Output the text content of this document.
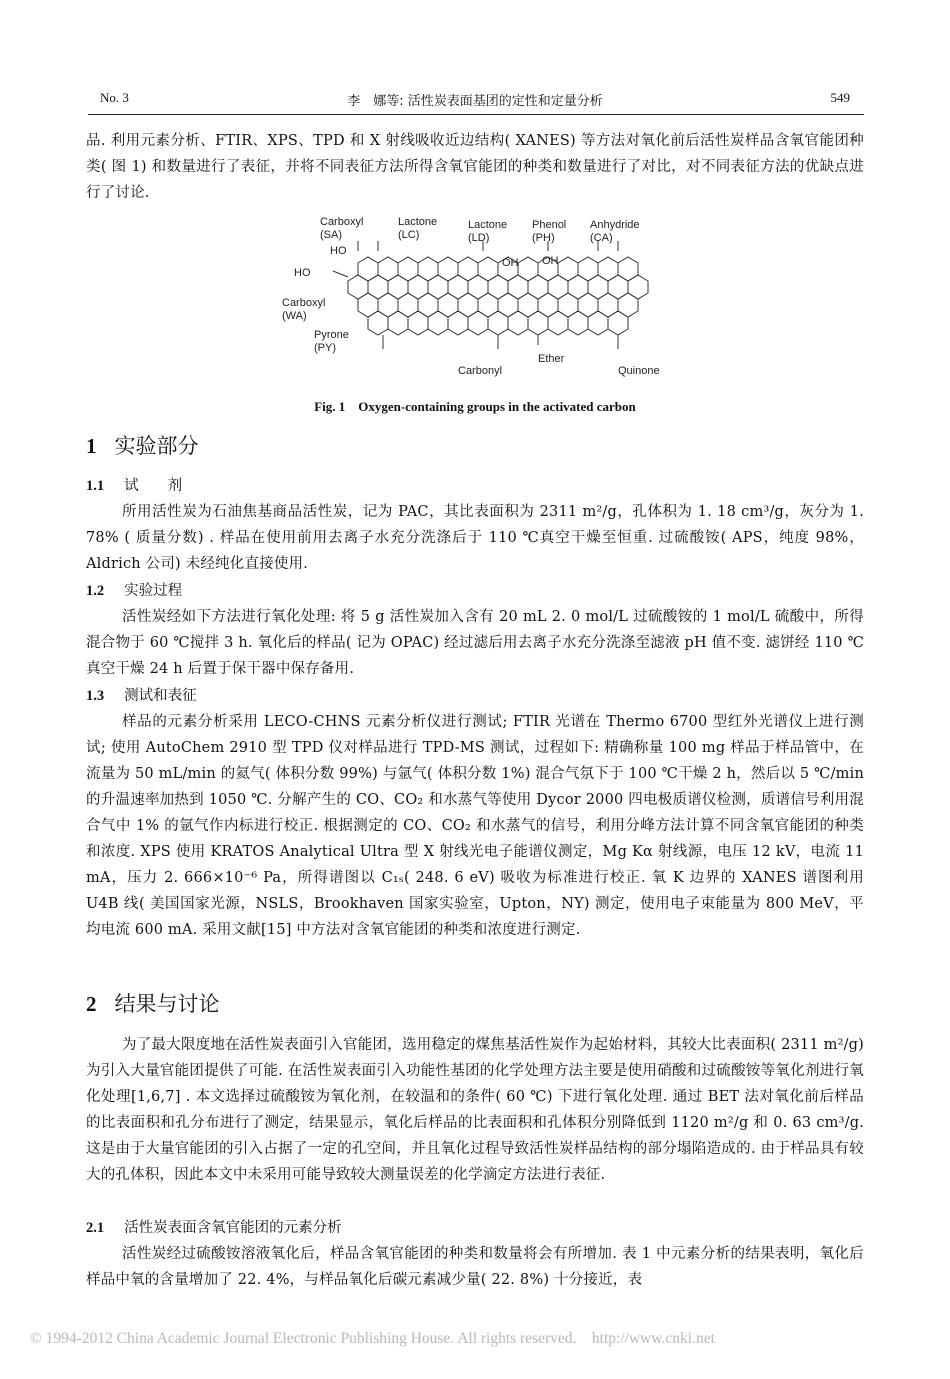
No. 3	李　娜等: 活性炭表面基团的定性和定量分析	549
品. 利用元素分析、FTIR、XPS、TPD 和 X 射线吸收近边结构( XANES) 等方法对氧化前后活性炭样品含氧官能团种类( 图 1) 和数量进行了表征，并将不同表征方法所得含氧官能团的种类和数量进行了对比，对不同表征方法的优缺点进行了讨论.
Carboxyl
(SA)
Lactone
(LC)
Lactone
(LD)
Phenol
(PH)
Anhydride
(CA)
Carboxyl
(WA)
Pyrone
(PY)
Carbonyl
Ether
Quinone
HO
HO
OH OH
Fig. 1　Oxygen-containing groups in the activated carbon
1 实验部分
1.1 试　　剂
所用活性炭为石油焦基商品活性炭，记为 PAC，其比表面积为 2311 m²/g，孔体积为 1. 18 cm³/g，灰分为 1. 78% ( 质量分数) . 样品在使用前用去离子水充分洗涤后于 110 ℃真空干燥至恒重. 过硫酸铵( APS，纯度 98%，Aldrich 公司) 未经纯化直接使用.
1.2 实验过程
活性炭经如下方法进行氧化处理: 将 5 g 活性炭加入含有 20 mL 2. 0 mol/L 过硫酸铵的 1 mol/L 硫酸中，所得混合物于 60 ℃搅拌 3 h. 氧化后的样品( 记为 OPAC) 经过滤后用去离子水充分洗涤至滤液 pH 值不变. 滤饼经 110 ℃真空干燥 24 h 后置于保干器中保存备用.
1.3 测试和表征
样品的元素分析采用 LECO-CHNS 元素分析仪进行测试; FTIR 光谱在 Thermo 6700 型红外光谱仪上进行测试; 使用 AutoChem 2910 型 TPD 仪对样品进行 TPD-MS 测试，过程如下: 精确称量 100 mg 样品于样品管中，在流量为 50 mL/min 的氦气( 体积分数 99%) 与氩气( 体积分数 1%) 混合气氛下于 100 ℃干燥 2 h，然后以 5 ℃/min 的升温速率加热到 1050 ℃. 分解产生的 CO、CO₂ 和水蒸气等使用 Dycor 2000 四电极质谱仪检测，质谱信号利用混合气中 1% 的氩气作内标进行校正. 根据测定的 CO、CO₂ 和水蒸气的信号，利用分峰方法计算不同含氧官能团的种类和浓度. XPS 使用 KRATOS Analytical Ultra 型 X 射线光电子能谱仪测定，Mg Kα 射线源，电压 12 kV，电流 11 mA，压力 2. 666×10⁻⁶ Pa，所得谱图以 C₁ₛ( 248. 6 eV) 吸收为标准进行校正. 氧 K 边界的 XANES 谱图利用 U4B 线( 美国国家光源，NSLS，Brookhaven 国家实验室，Upton，NY) 测定，使用电子束能量为 800 MeV，平均电流 600 mA. 采用文献[15] 中方法对含氧官能团的种类和浓度进行测定.
2 结果与讨论
为了最大限度地在活性炭表面引入官能团，选用稳定的煤焦基活性炭作为起始材料，其较大比表面积( 2311 m²/g) 为引入大量官能团提供了可能. 在活性炭表面引入功能性基团的化学处理方法主要是使用硝酸和过硫酸铵等氧化剂进行氧化处理[1,6,7] . 本文选择过硫酸铵为氧化剂，在较温和的条件( 60 ℃) 下进行氧化处理. 通过 BET 法对氧化前后样品的比表面积和孔分布进行了测定，结果显示，氧化后样品的比表面积和孔体积分别降低到 1120 m²/g 和 0. 63 cm³/g. 这是由于大量官能团的引入占据了一定的孔空间，并且氧化过程导致活性炭样品结构的部分塌陷造成的. 由于样品具有较大的孔体积，因此本文中未采用可能导致较大测量误差的化学滴定方法进行表征.
2.1 活性炭表面含氧官能团的元素分析
活性炭经过硫酸铵溶液氧化后，样品含氧官能团的种类和数量将会有所增加. 表 1 中元素分析的结果表明，氧化后样品中氧的含量增加了 22. 4%，与样品氧化后碳元素减少量( 22. 8%) 十分接近，表
© 1994-2012 China Academic Journal Electronic Publishing House. All rights reserved.　http://www.cnki.net
